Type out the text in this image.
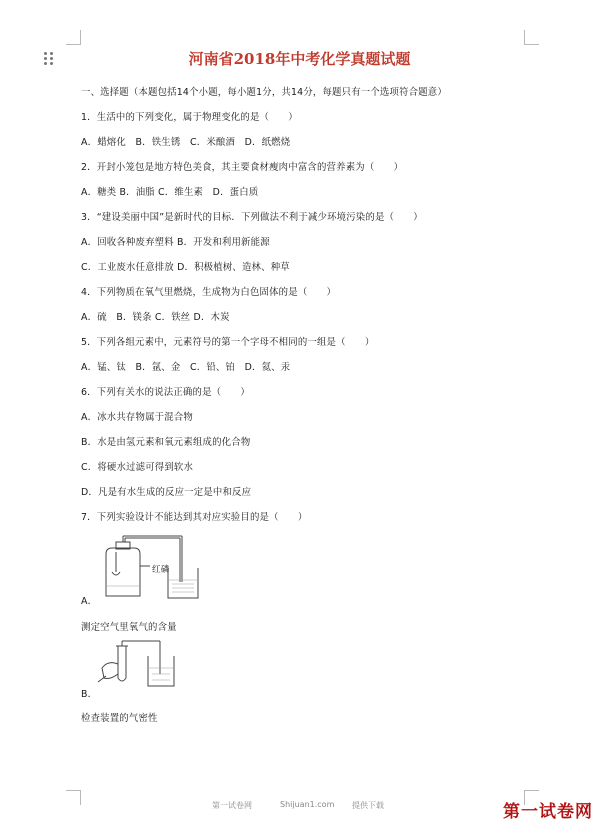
河南省2018年中考化学真题试题
一、选择题（本题包括14个小题，每小题1分，共14分，每题只有一个选项符合题意）
1．生活中的下列变化，属于物理变化的是（　　）
A．蜡熔化　B．铁生锈　C．米酿酒　D．纸燃烧
2．开封小笼包是地方特色美食，其主要食材瘦肉中富含的营养素为（　　）
A．糖类 B．油脂 C．维生素　D．蛋白质
3．“建设美丽中国”是新时代的目标．下列做法不利于减少环境污染的是（　　）
A．回收各种废弃塑料 B．开发和利用新能源
C．工业废水任意排放 D．积极植树、造林、种草
4．下列物质在氧气里燃烧，生成物为白色固体的是（　　）
A．硫　B．镁条 C．铁丝 D．木炭
5．下列各组元素中，元素符号的第一个字母不相同的一组是（　　）
A．锰、钛　B．氩、金　C．铅、铂　D．氦、汞
6．下列有关水的说法正确的是（　　）
A．冰水共存物属于混合物
B．水是由氢元素和氧元素组成的化合物
C．将硬水过滤可得到软水
D．凡是有水生成的反应一定是中和反应
7．下列实验设计不能达到其对应实验目的是（　　）
红磷
A．
测定空气里氧气的含量
B．
检查装置的气密性
第一试卷网	Shijuan1.com 提供下载	第一试卷网
